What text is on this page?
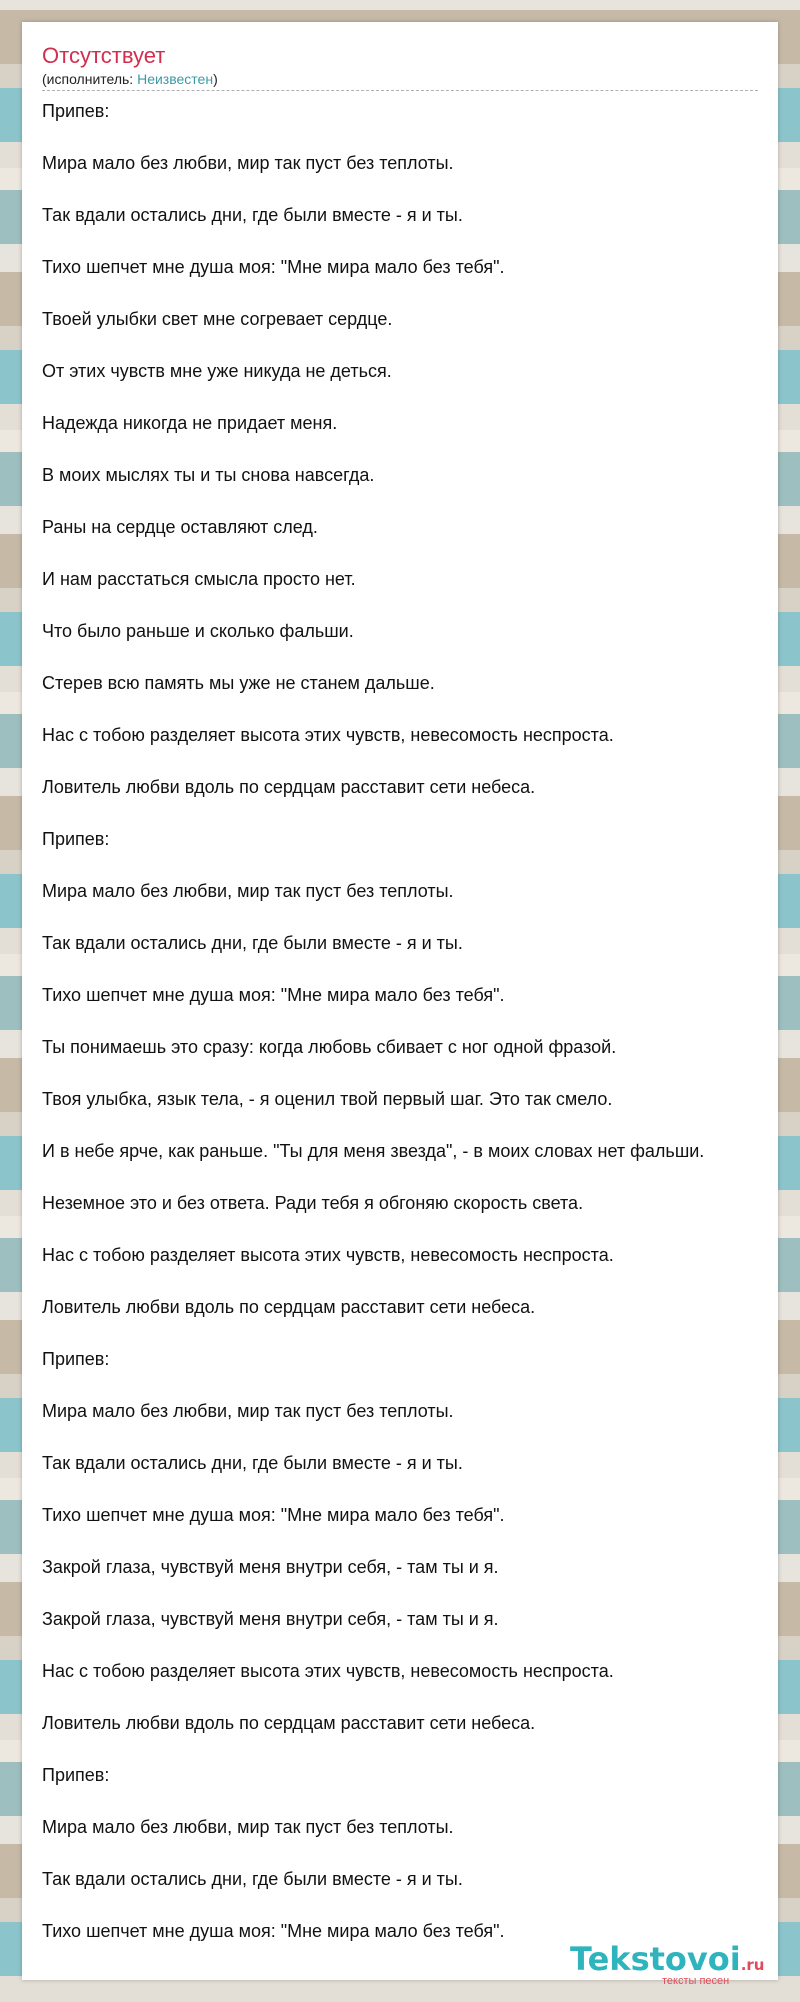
Отсутствует
(исполнитель: Неизвестен)
Припев:
Мира мало без любви, мир так пуст без теплоты.
Так вдали остались дни, где были вместе - я и ты.
Тихо шепчет мне душа моя: "Мне мира мало без тебя".
Твоей улыбки свет мне согревает сердце.
От этих чувств мне уже никуда не деться.
Надежда никогда не придает меня.
В моих мыслях ты и ты снова навсегда.
Раны на сердце оставляют след.
И нам расстаться смысла просто нет.
Что было раньше и сколько фальши.
Стерев всю память мы уже не станем дальше.
Нас с тобою разделяет высота этих чувств, невесомость неспроста.
Ловитель любви вдоль по сердцам расставит сети небеса.
Припев:
Мира мало без любви, мир так пуст без теплоты.
Так вдали остались дни, где были вместе - я и ты.
Тихо шепчет мне душа моя: "Мне мира мало без тебя".
Ты понимаешь это сразу: когда любовь сбивает с ног одной фразой.
Твоя улыбка, язык тела, - я оценил твой первый шаг. Это так смело.
И в небе ярче, как раньше. "Ты для меня звезда", - в моих словах нет фальши.
Неземное это и без ответа. Ради тебя я обгоняю скорость света.
Нас с тобою разделяет высота этих чувств, невесомость неспроста.
Ловитель любви вдоль по сердцам расставит сети небеса.
Припев:
Мира мало без любви, мир так пуст без теплоты.
Так вдали остались дни, где были вместе - я и ты.
Тихо шепчет мне душа моя: "Мне мира мало без тебя".
Закрой глаза, чувствуй меня внутри себя, - там ты и я.
Закрой глаза, чувствуй меня внутри себя, - там ты и я.
Нас с тобою разделяет высота этих чувств, невесомость неспроста.
Ловитель любви вдоль по сердцам расставит сети небеса.
Припев:
Мира мало без любви, мир так пуст без теплоты.
Так вдали остались дни, где были вместе - я и ты.
Тихо шепчет мне душа моя: "Мне мира мало без тебя".
Tekstovoi.ru
тексты песен
